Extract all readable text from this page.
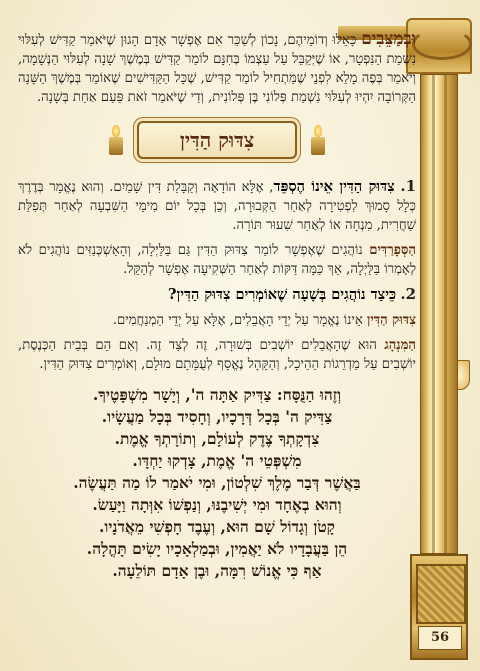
56

וּבְמַצֵּבִים כָּאֵלּוּ וְדוֹמֵיהֶם, נָכוֹן לְשַׁכֵּר אִם אֶפְשָׁר אָדָם הָגוּן שֶׁיֹּאמַר קַדִּישׁ לְעִלּוּי נִשְׁמַת הַנִּפְטָר, אוֹ שֶׁיְּקַבֵּל עַל עַצְמוֹ בְּחִנָּם לוֹמַר קַדִּישׁ בְּמֶשֶׁךְ שָׁנָה לְעִלּוּי הַנְּשָׁמָה, וְיֹאמַר בְּפֶה מָלֵא לִפְנֵי שֶׁמַּתְחִיל לוֹמַר קַדִּישׁ, שֶׁכָּל הַקַּדִּישִׁים שֶׁאוֹמֵר בְּמֶשֶׁךְ הַשָּׁנָה הַקְּרוֹבָה יִהְיוּ לְעִלּוּי נִשְׁמַת פְּלוֹנִי בֶּן פְּלוֹנִית, וְדַי שֶׁיֹּאמַר זֹאת פַּעַם אַחַת בְּשָׁנָה.

צִדּוּק הַדִּין

1. צִדּוּק הַדִּין אֵינוֹ הֶסְפֵּד, אֶלָּא הוֹדָאָה וְקַבָּלַת דִּין שָׁמַיִם. וְהוּא נֶאֱמָר בְּדֶרֶךְ כְּלָל סָמוּךְ לִפְטִירָה לְאַחַר הַקְּבוּרָה, וְכֵן בְּכָל יוֹם מִימֵי הַשִּׁבְעָה לְאַחַר תְּפִלַּת שַׁחֲרִית, מִנְחָה אוֹ לְאַחַר שִׁעוּר תּוֹרָה.

הַסְּפָרַדִּים נוֹהֲגִים שֶׁאֶפְשָׁר לוֹמַר צִדּוּק הַדִּין גַּם בַּלַּיְלָה, וְהָאַשְׁכְּנַזִּים נוֹהֲגִים לֹא לְאָמְרוֹ בַּלַּיְלָה, אַךְ כַּמָּה דַּקּוֹת לְאַחַר הַשְּׁקִיעָה אֶפְשָׁר לְהַקֵּל.

2. כֵּיצַד נוֹהֲגִים בְּשָׁעָה שֶׁאוֹמְרִים צִדּוּק הַדִּין?

צִדּוּק הַדִּין אֵינוֹ נֶאֱמָר עַל יְדֵי הָאֲבֵלִים, אֶלָּא עַל יְדֵי הַמְנַחֲמִים.

הַמִּנְהָג הוּא שֶׁהָאֲבֵלִים יוֹשְׁבִים בְּשׁוּרָה, זֶה לְצַד זֶה. וְאִם הֵם בְּבֵית הַכְּנֶסֶת, יוֹשְׁבִים עַל מַדְרֵגוֹת הַהֵיכָל, וְהַקָּהָל נֶאֱסָף לְעֻמָּתָם מוּלָם, וְאוֹמְרִים צִדּוּק הַדִּין.

וְזֶהוּ הַנֻּסָּח: צַדִּיק אַתָּה ה', וְיָשָׁר מִשְׁפָּטֶיךָ.
צַדִּיק ה' בְּכָל דְּרָכָיו, וְחָסִיד בְּכָל מַעֲשָׂיו.
צִדְקָתְךָ צֶדֶק לְעוֹלָם, וְתוֹרָתְךָ אֱמֶת.
מִשְׁפְּטֵי ה' אֱמֶת, צָדְקוּ יַחְדָּו.
בַּאֲשֶׁר דְּבַר מֶלֶךְ שִׁלְטוֹן, וּמִי יֹאמַר לוֹ מַה תַּעֲשֶׂה.
וְהוּא בְאֶחָד וּמִי יְשִׁיבֶנּוּ, וְנַפְשׁוֹ אִוְּתָה וַיָּעַשׂ.
קָטֹן וְגָדוֹל שָׁם הוּא, וְעֶבֶד חָפְשִׁי מֵאֲדֹנָיו.
הֵן בַּעֲבָדָיו לֹא יַאֲמִין, וּבְמַלְאָכָיו יָשִׂים תָּהֳלָה.
אַף כִּי אֱנוֹשׁ רִמָּה, וּבֶן אָדָם תּוֹלֵעָה.
